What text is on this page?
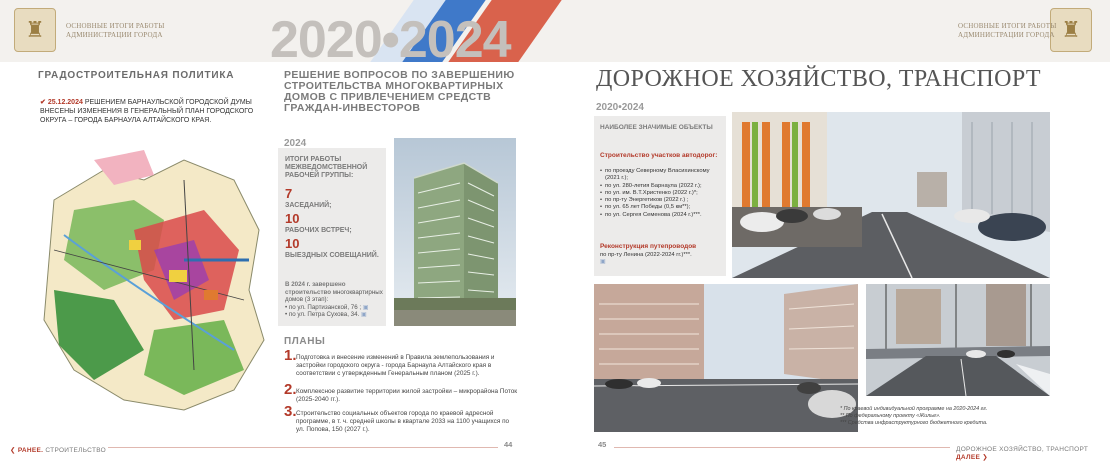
♜	ОСНОВНЫЕ ИТОГИ РАБОТЫ
АДМИНИСТРАЦИИ ГОРОДА	♜
ОСНОВНЫЕ ИТОГИ РАБОТЫ
АДМИНИСТРАЦИИ ГОРОДА
2020•2024
ГРАДОСТРОИТЕЛЬНАЯ ПОЛИТИКА
✔ 25.12.2024 РЕШЕНИЕМ БАРНАУЛЬСКОЙ ГОРОДСКОЙ ДУМЫ ВНЕСЕНЫ ИЗМЕНЕНИЯ В ГЕНЕРАЛЬНЫЙ ПЛАН ГОРОДСКОГО ОКРУГА – ГОРОДА БАРНАУЛА АЛТАЙСКОГО КРАЯ.
РЕШЕНИЕ ВОПРОСОВ ПО ЗАВЕРШЕНИЮ СТРОИТЕЛЬСТВА МНОГОКВАРТИРНЫХ ДОМОВ С ПРИВЛЕЧЕНИЕМ СРЕДСТВ ГРАЖДАН-ИНВЕСТОРОВ
2024
ИТОГИ РАБОТЫ МЕЖВЕДОМСТВЕННОЙ РАБОЧЕЙ ГРУППЫ:
7
ЗАСЕДАНИЙ;
10
РАБОЧИХ ВСТРЕЧ;
10
ВЫЕЗДНЫХ СОВЕЩАНИЙ.
В 2024 г. завершено строительство многоквартирных домов (3 этап):
• по ул. Партизанской, 76 ; ▣
• по ул. Петра Сухова, 34. ▣
ПЛАНЫ
1. Подготовка и внесение изменений в Правила землепользования и застройки городского округа - города Барнаула Алтайского края в соответствии с утвержденным Генеральным планом (2025 г.).
2. Комплексное развитие территории жилой застройки – микрорайона Поток (2025-2040 гг.).
3. Строительство социальных объектов города по краевой адресной программе, в т. ч. средней школы в квартале 2033 на 1100 учащихся по ул. Попова, 150 (2027 г.).
❮ РАНЕЕ. СТРОИТЕЛЬСТВО
44	45
ДОРОЖНОЕ ХОЗЯЙСТВО, ТРАНСПОРТ ДАЛЕЕ ❯
ДОРОЖНОЕ ХОЗЯЙСТВО, ТРАНСПОРТ
2020•2024
НАИБОЛЕЕ ЗНАЧИМЫЕ ОБЪЕКТЫ
Строительство участков автодорог:
• по проезду Северному Власихинскому (2021 г.);
• по ул. 280-летия Барнаула (2022 г.);
• по ул. им. В.Т.Христенко (2022 г.)*;
• по пр-ту Энергетиков (2022 г.) ;
• по ул. 65 лет Победы (0,5 км**);
• по ул. Сергея Семенова (2024 г.)***.
Реконструкция путепроводов
по пр-ту Ленина (2022-2024 гг.)***.
▣
* По краевой индивидуальной программе на 2020-2024 гг.
** По федеральному проекту «Жилье».
*** Средства инфраструктурного бюджетного кредита.
